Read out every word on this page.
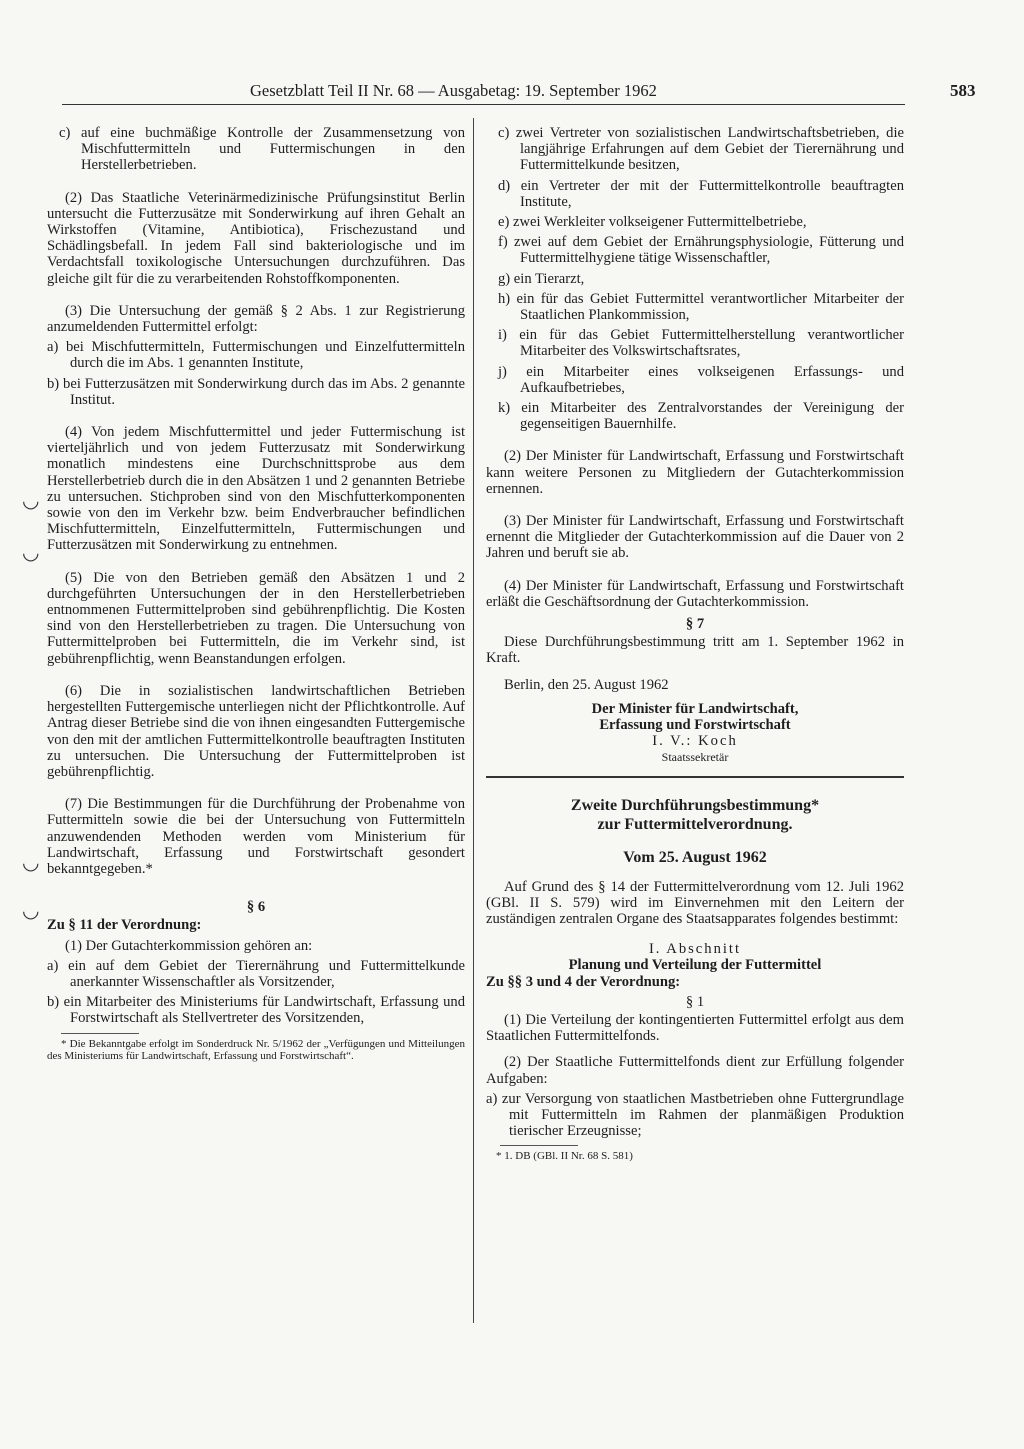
Gesetzblatt Teil II Nr. 68 — Ausgabetag: 19. September 1962	583
◡
◡
◡
◡

c) auf eine buchmäßige Kontrolle der Zusammensetzung von Mischfuttermitteln und Futtermischungen in den Herstellerbetrieben.

(2) Das Staatliche Veterinärmedizinische Prüfungsinstitut Berlin untersucht die Futterzusätze mit Sonderwirkung auf ihren Gehalt an Wirkstoffen (Vitamine, Antibiotica), Frischezustand und Schädlingsbefall. In jedem Fall sind bakteriologische und im Verdachtsfall toxikologische Untersuchungen durchzuführen. Das gleiche gilt für die zu verarbeitenden Rohstoffkomponenten.

(3) Die Untersuchung der gemäß § 2 Abs. 1 zur Registrierung anzumeldenden Futtermittel erfolgt:

a) bei Mischfuttermitteln, Futtermischungen und Einzelfuttermitteln durch die im Abs. 1 genannten Institute,

b) bei Futterzusätzen mit Sonderwirkung durch das im Abs. 2 genannte Institut.

(4) Von jedem Mischfuttermittel und jeder Futtermischung ist vierteljährlich und von jedem Futterzusatz mit Sonderwirkung monatlich mindestens eine Durchschnittsprobe aus dem Herstellerbetrieb durch die in den Absätzen 1 und 2 genannten Betriebe zu untersuchen. Stichproben sind von den Mischfutterkomponenten sowie von den im Verkehr bzw. beim Endverbraucher befindlichen Mischfuttermitteln, Einzelfuttermitteln, Futtermischungen und Futterzusätzen mit Sonderwirkung zu entnehmen.

(5) Die von den Betrieben gemäß den Absätzen 1 und 2 durchgeführten Untersuchungen der in den Herstellerbetrieben entnommenen Futtermittelproben sind gebührenpflichtig. Die Kosten sind von den Herstellerbetrieben zu tragen. Die Untersuchung von Futtermittelproben bei Futtermitteln, die im Verkehr sind, ist gebührenpflichtig, wenn Beanstandungen erfolgen.

(6) Die in sozialistischen landwirtschaftlichen Betrieben hergestellten Futtergemische unterliegen nicht der Pflichtkontrolle. Auf Antrag dieser Betriebe sind die von ihnen eingesandten Futtergemische von den mit der amtlichen Futtermittelkontrolle beauftragten Instituten zu untersuchen. Die Untersuchung der Futtermittelproben ist gebührenpflichtig.

(7) Die Bestimmungen für die Durchführung der Probenahme von Futtermitteln sowie die bei der Untersuchung von Futtermitteln anzuwendenden Methoden werden vom Ministerium für Landwirtschaft, Erfassung und Forstwirtschaft gesondert bekanntgegeben.*

§ 6

Zu § 11 der Verordnung:

(1) Der Gutachterkommission gehören an:

a) ein auf dem Gebiet der Tierernährung und Futtermittelkunde anerkannter Wissenschaftler als Vorsitzender,

b) ein Mitarbeiter des Ministeriums für Landwirtschaft, Erfassung und Forstwirtschaft als Stellvertreter des Vorsitzenden,

* Die Bekanntgabe erfolgt im Sonderdruck Nr. 5/1962 der „Verfügungen und Mitteilungen des Ministeriums für Landwirtschaft, Erfassung und Forstwirtschaft“.

c) zwei Vertreter von sozialistischen Landwirtschaftsbetrieben, die langjährige Erfahrungen auf dem Gebiet der Tierernährung und Futtermittelkunde besitzen,

d) ein Vertreter der mit der Futtermittelkontrolle beauftragten Institute,

e) zwei Werkleiter volkseigener Futtermittelbetriebe,

f) zwei auf dem Gebiet der Ernährungsphysiologie, Fütterung und Futtermittelhygiene tätige Wissenschaftler,

g) ein Tierarzt,

h) ein für das Gebiet Futtermittel verantwortlicher Mitarbeiter der Staatlichen Plankommission,

i) ein für das Gebiet Futtermittelherstellung verantwortlicher Mitarbeiter des Volkswirtschaftsrates,

j) ein Mitarbeiter eines volkseigenen Erfassungs- und Aufkaufbetriebes,

k) ein Mitarbeiter des Zentralvorstandes der Vereinigung der gegenseitigen Bauernhilfe.

(2) Der Minister für Landwirtschaft, Erfassung und Forstwirtschaft kann weitere Personen zu Mitgliedern der Gutachterkommission ernennen.

(3) Der Minister für Landwirtschaft, Erfassung und Forstwirtschaft ernennt die Mitglieder der Gutachterkommission auf die Dauer von 2 Jahren und beruft sie ab.

(4) Der Minister für Landwirtschaft, Erfassung und Forstwirtschaft erläßt die Geschäftsordnung der Gutachterkommission.

§ 7

Diese Durchführungsbestimmung tritt am 1. September 1962 in Kraft.

Berlin, den 25. August 1962

Der Minister für Landwirtschaft,

Erfassung und Forstwirtschaft

I. V.: Koch

Staatssekretär

Zweite Durchführungsbestimmung*

zur Futtermittelverordnung.

Vom 25. August 1962

Auf Grund des § 14 der Futtermittelverordnung vom 12. Juli 1962 (GBl. II S. 579) wird im Einvernehmen mit den Leitern der zuständigen zentralen Organe des Staatsapparates folgendes bestimmt:

I. Abschnitt

Planung und Verteilung der Futtermittel

Zu §§ 3 und 4 der Verordnung:

§ 1

(1) Die Verteilung der kontingentierten Futtermittel erfolgt aus dem Staatlichen Futtermittelfonds.

(2) Der Staatliche Futtermittelfonds dient zur Erfüllung folgender Aufgaben:

a) zur Versorgung von staatlichen Mastbetrieben ohne Futtergrundlage mit Futtermitteln im Rahmen der planmäßigen Produktion tierischer Erzeugnisse;

* 1. DB (GBl. II Nr. 68 S. 581)
